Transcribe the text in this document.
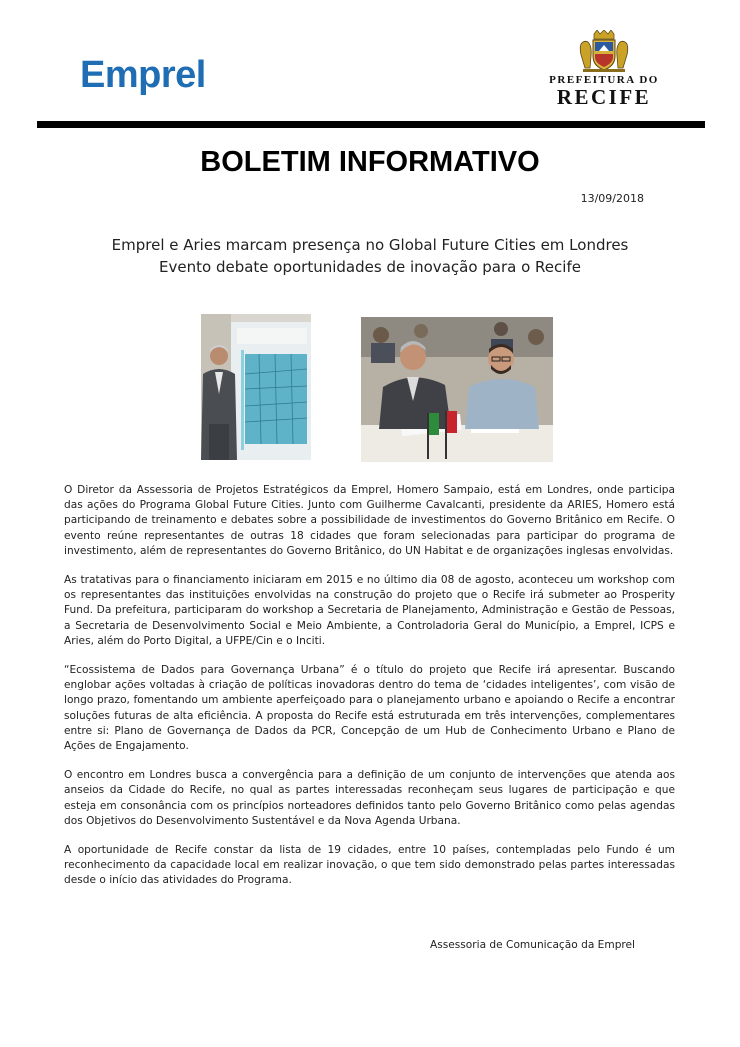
Emprel	PREFEITURA DO
RECIFE
BOLETIM INFORMATIVO
13/09/2018
Emprel e Aries marcam presença no Global Future Cities em Londres
Evento debate oportunidades de inovação para o Recife

O Diretor da Assessoria de Projetos Estratégicos da Emprel, Homero Sampaio, está em Londres, onde participa das ações do Programa Global Future Cities. Junto com Guilherme Cavalcanti, presidente da ARIES, Homero está participando de treinamento e debates sobre a possibilidade de investimentos do Governo Britânico em Recife. O evento reúne representantes de outras 18 cidades que foram selecionadas para participar do programa de investimento, além de representantes do Governo Britânico, do UN Habitat e de organizações inglesas envolvidas.

As tratativas para o financiamento iniciaram em 2015 e no último dia 08 de agosto, aconteceu um workshop com os representantes das instituições envolvidas na construção do projeto que o Recife irá submeter ao Prosperity Fund. Da prefeitura, participaram do workshop a Secretaria de Planejamento, Administração e Gestão de Pessoas, a Secretaria de Desenvolvimento Social e Meio Ambiente, a Controladoria Geral do Município, a Emprel, ICPS e Aries, além do Porto Digital, a UFPE/Cin e o Inciti.

“Ecossistema de Dados para Governança Urbana” é o título do projeto que Recife irá apresentar. Buscando englobar ações voltadas à criação de políticas inovadoras dentro do tema de ‘cidades inteligentes’, com visão de longo prazo, fomentando um ambiente aperfeiçoado para o planejamento urbano e apoiando o Recife a encontrar soluções futuras de alta eficiência. A proposta do Recife está estruturada em três intervenções, complementares entre si: Plano de Governança de Dados da PCR, Concepção de um Hub de Conhecimento Urbano e Plano de Ações de Engajamento.

O encontro em Londres busca a convergência para a definição de um conjunto de intervenções que atenda aos anseios da Cidade do Recife, no qual as partes interessadas reconheçam seus lugares de participação e que esteja em consonância com os princípios norteadores definidos tanto pelo Governo Britânico como pelas agendas dos Objetivos do Desenvolvimento Sustentável e da Nova Agenda Urbana.

A oportunidade de Recife constar da lista de 19 cidades, entre 10 países, contempladas pelo Fundo é um reconhecimento da capacidade local em realizar inovação, o que tem sido demonstrado pelas partes interessadas desde o início das atividades do Programa.

Assessoria de Comunicação da Emprel
